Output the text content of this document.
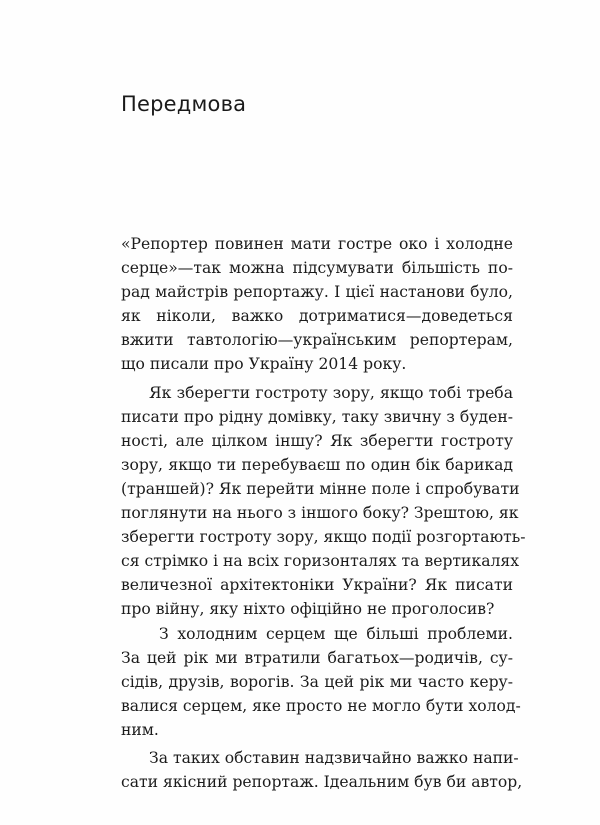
Передмова
«Репортер повинен мати гостре око і холодне
серце»—так можна підсумувати більшість по-
рад майстрів репортажу. І цієї настанови було,
як ніколи, важко дотриматися—доведеться
вжити тавтологію—українським репортерам,
що писали про Україну 2014 року.
Як зберегти гостроту зору, якщо тобі треба
писати про рідну домівку, таку звичну з буден-
ності, але цілком іншу? Як зберегти гостроту
зору, якщо ти перебуваєш по один бік барикад
(траншей)? Як перейти мінне поле і спробувати
поглянути на нього з іншого боку? Зрештою, як
зберегти гостроту зору, якщо події розгортають-
ся стрімко і на всіх горизонталях та вертикалях
величезної архітектоніки України? Як писати
про війну, яку ніхто офіційно не проголосив?
З холодним серцем ще більші проблеми.
За цей рік ми втратили багатьох—родичів, су-
сідів, друзів, ворогів. За цей рік ми часто керу-
валися серцем, яке просто не могло бути холод-
ним.
За таких обставин надзвичайно важко напи-
сати якісний репортаж. Ідеальним був би автор,
